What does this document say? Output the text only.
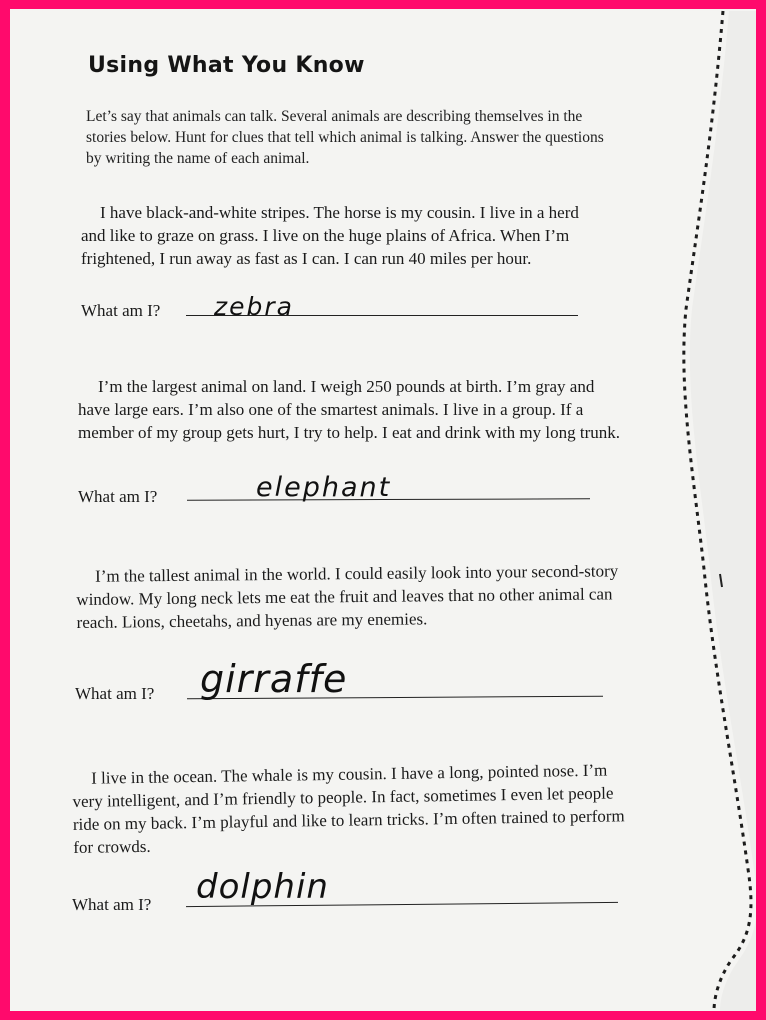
Using What You Know

Let’s say that animals can talk. Several animals are describing themselves in the stories below. Hunt for clues that tell which animal is talking. Answer the questions by writing the name of each animal.

I have black-and-white stripes. The horse is my cousin. I live in a herd and like to graze on grass. I live on the huge plains of Africa. When I’m frightened, I run away as fast as I can. I can run 40 miles per hour.

What am I? zebra

I’m the largest animal on land. I weigh 250 pounds at birth. I’m gray and have large ears. I’m also one of the smartest animals. I live in a group. If a member of my group gets hurt, I try to help. I eat and drink with my long trunk.

What am I?	elephant

I’m the tallest animal in the world. I could easily look into your second-story window. My long neck lets me eat the fruit and leaves that no other animal can reach. Lions, cheetahs, and hyenas are my enemies.

What am I? girraffe

I live in the ocean. The whale is my cousin. I have a long, pointed nose. I’m very intelligent, and I’m friendly to people. In fact, sometimes I even let people ride on my back. I’m playful and like to learn tricks. I’m often trained to perform for crowds.

What am I? dolphin
